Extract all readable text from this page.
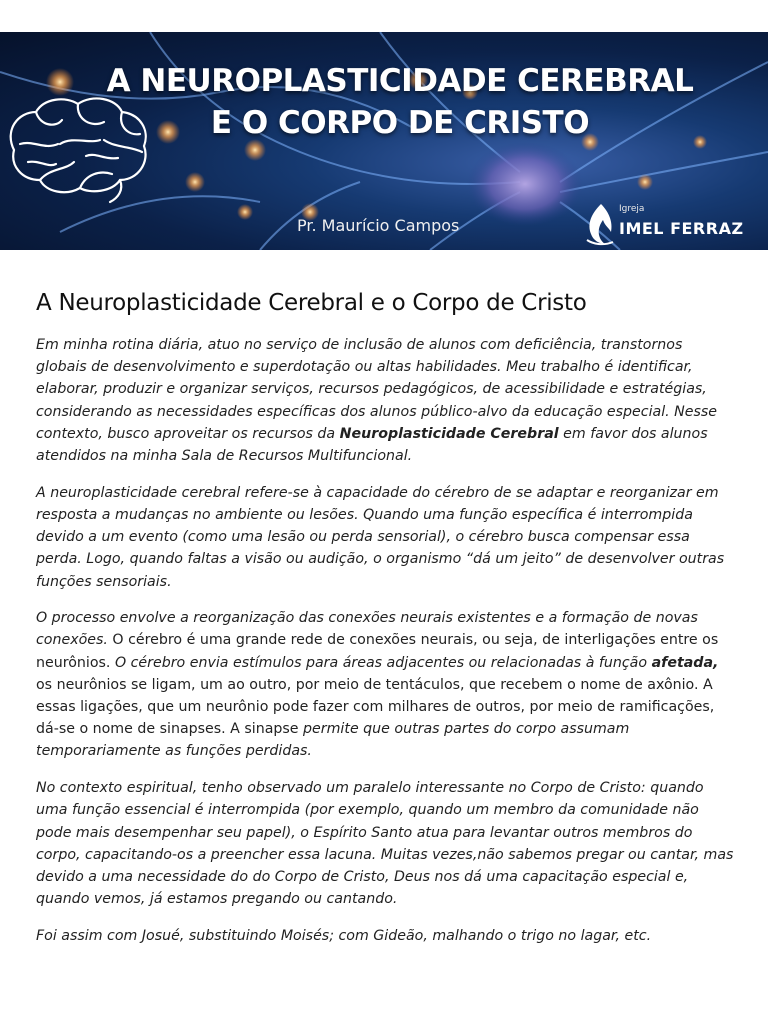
A NEUROPLASTICIDADE CEREBRAL
E O CORPO DE CRISTO
Pr. Maurício Campos
Igreja
IMEL FERRAZ
A Neuroplasticidade Cerebral e o Corpo de Cristo

Em minha rotina diária, atuo no serviço de inclusão de alunos com deficiência, transtornos globais de desenvolvimento e superdotação ou altas habilidades. Meu trabalho é identificar, elaborar, produzir e organizar serviços, recursos pedagógicos, de acessibilidade e estratégias, considerando as necessidades específicas dos alunos público-alvo da educação especial. Nesse contexto, busco aproveitar os recursos da Neuroplasticidade Cerebral em favor dos alunos atendidos na minha Sala de Recursos Multifuncional.

A neuroplasticidade cerebral refere-se à capacidade do cérebro de se adaptar e reorganizar em resposta a mudanças no ambiente ou lesões. Quando uma função específica é interrompida devido a um evento (como uma lesão ou perda sensorial), o cérebro busca compensar essa perda. Logo, quando faltas a visão ou audição, o organismo “dá um jeito” de desenvolver outras funções sensoriais.

O processo envolve a reorganização das conexões neurais existentes e a formação de novas conexões. O cérebro é uma grande rede de conexões neurais, ou seja, de interligações entre os neurônios. O cérebro envia estímulos para áreas adjacentes ou relacionadas à função afetada, os neurônios se ligam, um ao outro, por meio de tentáculos, que recebem o nome de axônio. A essas ligações, que um neurônio pode fazer com milhares de outros, por meio de ramificações, dá-se o nome de sinapses. A sinapse permite que outras partes do corpo assumam temporariamente as funções perdidas.

No contexto espiritual, tenho observado um paralelo interessante no Corpo de Cristo: quando uma função essencial é interrompida (por exemplo, quando um membro da comunidade não pode mais desempenhar seu papel), o Espírito Santo atua para levantar outros membros do corpo, capacitando-os a preencher essa lacuna. Muitas vezes,não sabemos pregar ou cantar, mas devido a uma necessidade do do Corpo de Cristo, Deus nos dá uma capacitação especial e, quando vemos, já estamos pregando ou cantando.

Foi assim com Josué, substituindo Moisés; com Gideão, malhando o trigo no lagar, etc.
